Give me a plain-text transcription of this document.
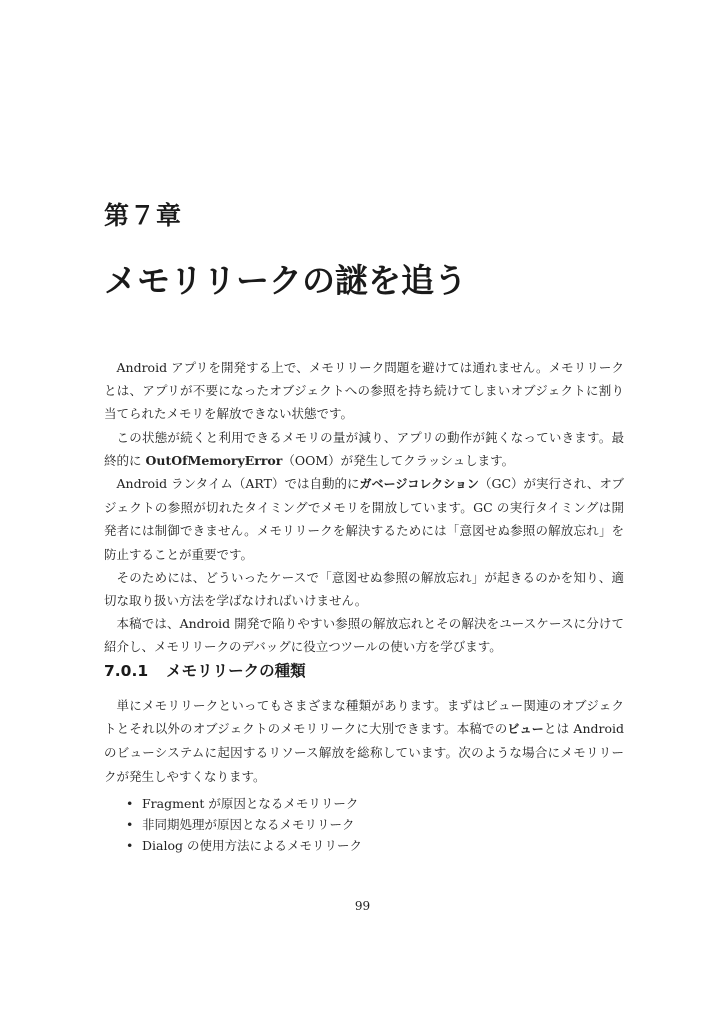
第７章
メモリリークの謎を追う

Android アプリを開発する上で、メモリリーク問題を避けては通れません。メモリリークとは、アプリが不要になったオブジェクトへの参照を持ち続けてしまいオブジェクトに割り当てられたメモリを解放できない状態です。

この状態が続くと利用できるメモリの量が減り、アプリの動作が鈍くなっていきます。最終的に OutOfMemoryError（OOM）が発生してクラッシュします。

Android ランタイム（ART）では自動的にガベージコレクション（GC）が実行され、オブジェクトの参照が切れたタイミングでメモリを開放しています。GC の実行タイミングは開発者には制御できません。メモリリークを解決するためには「意図せぬ参照の解放忘れ」を防止することが重要です。

そのためには、どういったケースで「意図せぬ参照の解放忘れ」が起きるのかを知り、適切な取り扱い方法を学ばなければいけません。

本稿では、Android 開発で陥りやすい参照の解放忘れとその解決をユースケースに分けて紹介し、メモリリークのデバッグに役立つツールの使い方を学びます。

7.0.1 メモリリークの種類

単にメモリリークといってもさまざまな種類があります。まずはビュー関連のオブジェクトとそれ以外のオブジェクトのメモリリークに大別できます。本稿でのビューとは Android のビューシステムに起因するリソース解放を総称しています。次のような場合にメモリリークが発生しやすくなります。

• Fragment が原因となるメモリリーク
• 非同期処理が原因となるメモリリーク
• Dialog の使用方法によるメモリリーク
99
